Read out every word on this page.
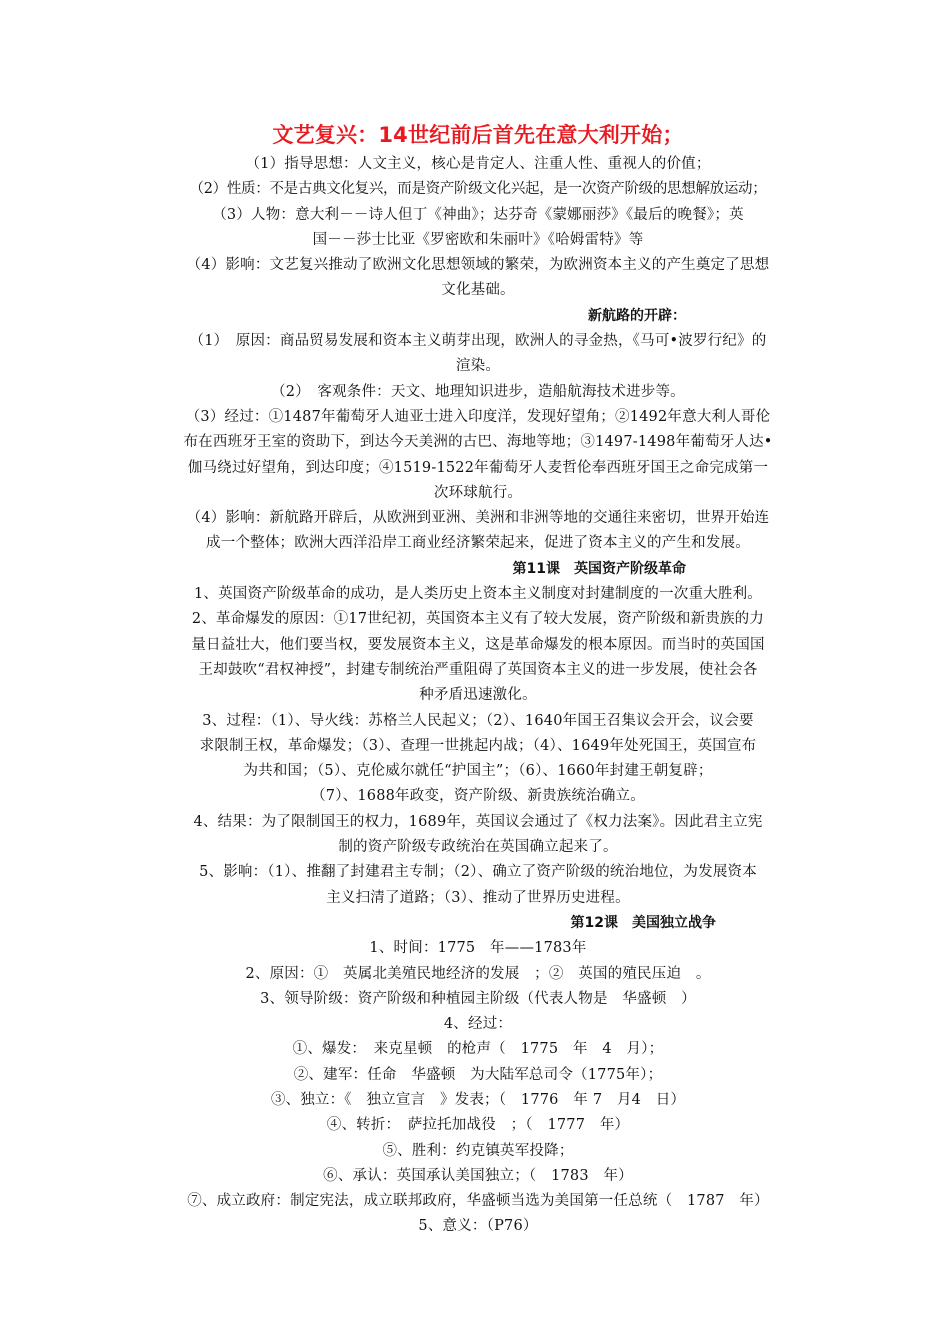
文艺复兴：14世纪前后首先在意大利开始；
（1）指导思想：人文主义，核心是肯定人、注重人性、重视人的价值；
（2）性质：不是古典文化复兴，而是资产阶级文化兴起，是一次资产阶级的思想解放运动；
（3）人物：意大利－－诗人但丁《神曲》；达芬奇《蒙娜丽莎》《最后的晚餐》；英
国－－莎士比亚《罗密欧和朱丽叶》《哈姆雷特》等
（4）影响：文艺复兴推动了欧洲文化思想领域的繁荣，为欧洲资本主义的产生奠定了思想
文化基础。
新航路的开辟：
（1）　原因：商品贸易发展和资本主义萌芽出现，欧洲人的寻金热，《马可•波罗行纪》的
渲染。
（2）　客观条件：天文、地理知识进步，造船航海技术进步等。
（3）经过：①1487年葡萄牙人迪亚士进入印度洋，发现好望角；②1492年意大利人哥伦
布在西班牙王室的资助下，到达今天美洲的古巴、海地等地；③1497-1498年葡萄牙人达•
伽马绕过好望角，到达印度；④1519-1522年葡萄牙人麦哲伦奉西班牙国王之命完成第一
次环球航行。
（4）影响：新航路开辟后，从欧洲到亚洲、美洲和非洲等地的交通往来密切，世界开始连
成一个整体；欧洲大西洋沿岸工商业经济繁荣起来，促进了资本主义的产生和发展。
第11课　英国资产阶级革命
1、英国资产阶级革命的成功，是人类历史上资本主义制度对封建制度的一次重大胜利。
2、革命爆发的原因：①17世纪初，英国资本主义有了较大发展，资产阶级和新贵族的力
量日益壮大，他们要当权，要发展资本主义，这是革命爆发的根本原因。而当时的英国国
王却鼓吹“君权神授”，封建专制统治严重阻碍了英国资本主义的进一步发展，使社会各
种矛盾迅速激化。
3、过程：（1）、导火线：苏格兰人民起义；（2）、1640年国王召集议会开会，议会要
求限制王权，革命爆发；（3）、查理一世挑起内战；（4）、1649年处死国王，英国宣布
为共和国；（5）、克伦威尔就任“护国主”；（6）、1660年封建王朝复辟；
（7）、1688年政变，资产阶级、新贵族统治确立。
4、结果：为了限制国王的权力，1689年，英国议会通过了《权力法案》。因此君主立宪
制的资产阶级专政统治在英国确立起来了。
5、影响：（1）、推翻了封建君主专制；（2）、确立了资产阶级的统治地位，为发展资本
主义扫清了道路；（3）、推动了世界历史进程。
第12课　美国独立战争
1、时间：1775　年——1783年
2、原因：①　英属北美殖民地经济的发展　；②　英国的殖民压迫　。
3、领导阶级：资产阶级和种植园主阶级（代表人物是　华盛顿　）
4、经过：
①、爆发：　来克星顿　的枪声（　1775　年　4　月）；
②、建军：任命　华盛顿　为大陆军总司令（1775年）；
③、独立：《　独立宣言　》发表；（　1776　年 7　月4　日）
④、转折：　萨拉托加战役　；（　1777　年）
⑤、胜利：约克镇英军投降；
⑥、承认：英国承认美国独立；（　1783　年）
⑦、成立政府：制定宪法，成立联邦政府，华盛顿当选为美国第一任总统（　1787　年）
5、意义：（P76）
